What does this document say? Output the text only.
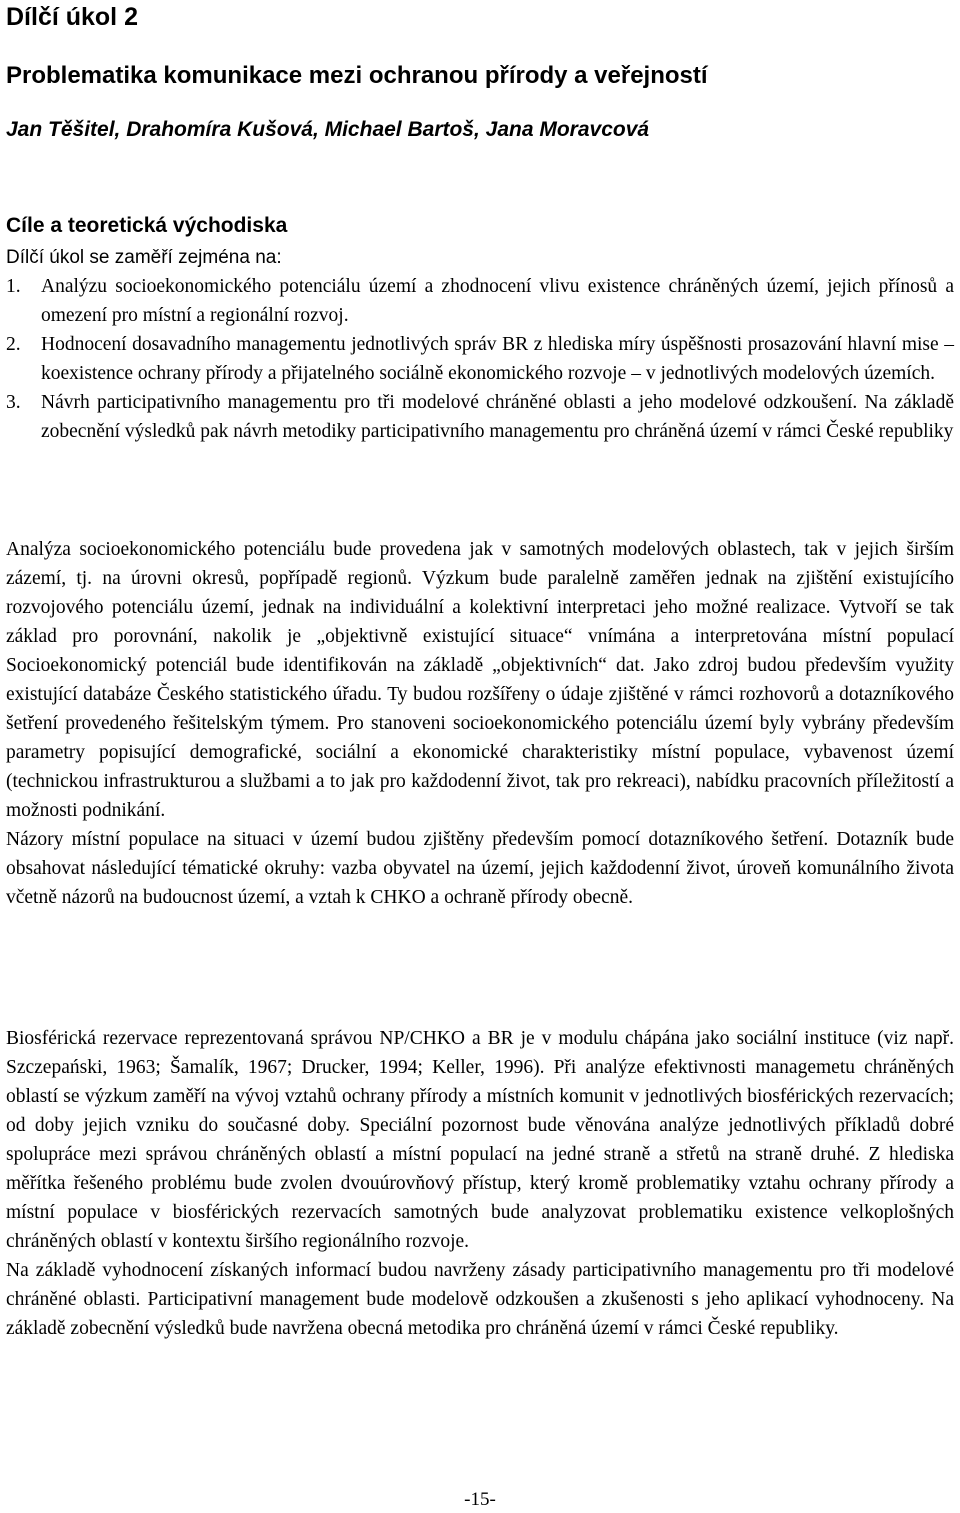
Dílčí úkol 2
Problematika komunikace mezi ochranou přírody a veřejností
Jan Těšitel, Drahomíra Kušová, Michael Bartoš, Jana Moravcová
Cíle a teoretická východiska
Dílčí úkol se zaměří zejména na:
1. Analýzu socioekonomického potenciálu území a zhodnocení vlivu existence chráněných území, jejich přínosů a omezení pro místní a regionální rozvoj.
2. Hodnocení dosavadního managementu jednotlivých správ BR z hlediska míry úspěšnosti prosazování hlavní mise – koexistence ochrany přírody a přijatelného sociálně ekonomického rozvoje – v jednotlivých modelových územích.
3. Návrh participativního managementu pro tři modelové chráněné oblasti a jeho modelové odzkoušení. Na základě zobecnění výsledků pak návrh metodiky participativního managementu pro chráněná území v rámci České republiky

Analýza socioekonomického potenciálu bude provedena jak v samotných modelových oblastech, tak v jejich širším zázemí, tj. na úrovni okresů, popřípadě regionů. Výzkum bude paralelně zaměřen jednak na zjištění existujícího rozvojového potenciálu území, jednak na individuální a kolektivní interpretaci jeho možné realizace. Vytvoří se tak základ pro porovnání, nakolik je „objektivně existující situace“ vnímána a interpretována místní populací Socioekonomický potenciál bude identifikován na základě „objektivních“ dat. Jako zdroj budou především využity existující databáze Českého statistického úřadu. Ty budou rozšířeny o údaje zjištěné v rámci rozhovorů a dotazníkového šetření provedeného řešitelským týmem. Pro stanoveni socioekonomického potenciálu území byly vybrány především parametry popisující demografické, sociální a ekonomické charakteristiky místní populace, vybavenost území (technickou infrastrukturou a službami a to jak pro každodenní život, tak pro rekreaci), nabídku pracovních příležitostí a možnosti podnikání.
Názory místní populace na situaci v území budou zjištěny především pomocí dotazníkového šetření. Dotazník bude obsahovat následující tématické okruhy: vazba obyvatel na území, jejich každodenní život, úroveň komunálního života včetně názorů na budoucnost území, a vztah k CHKO a ochraně přírody obecně.

Biosférická rezervace reprezentovaná správou NP/CHKO a BR je v modulu chápána jako sociální instituce (viz např. Szczepański, 1963; Šamalík, 1967; Drucker, 1994; Keller, 1996). Při analýze efektivnosti managemetu chráněných oblastí se výzkum zaměří na vývoj vztahů ochrany přírody a místních komunit v jednotlivých biosférických rezervacích; od doby jejich vzniku do současné doby. Speciální pozornost bude věnována analýze jednotlivých příkladů dobré spolupráce mezi správou chráněných oblastí a místní populací na jedné straně a střetů na straně druhé. Z hlediska měřítka řešeného problému bude zvolen dvouúrovňový přístup, který kromě problematiky vztahu ochrany přírody a místní populace v biosférických rezervacích samotných bude analyzovat problematiku existence velkoplošných chráněných oblastí v kontextu širšího regionálního rozvoje.
Na základě vyhodnocení získaných informací budou navrženy zásady participativního managementu pro tři modelové chráněné oblasti. Participativní management bude modelově odzkoušen a zkušenosti s jeho aplikací vyhodnoceny. Na základě zobecnění výsledků bude navržena obecná metodika pro chráněná území v rámci České republiky.

-15-
